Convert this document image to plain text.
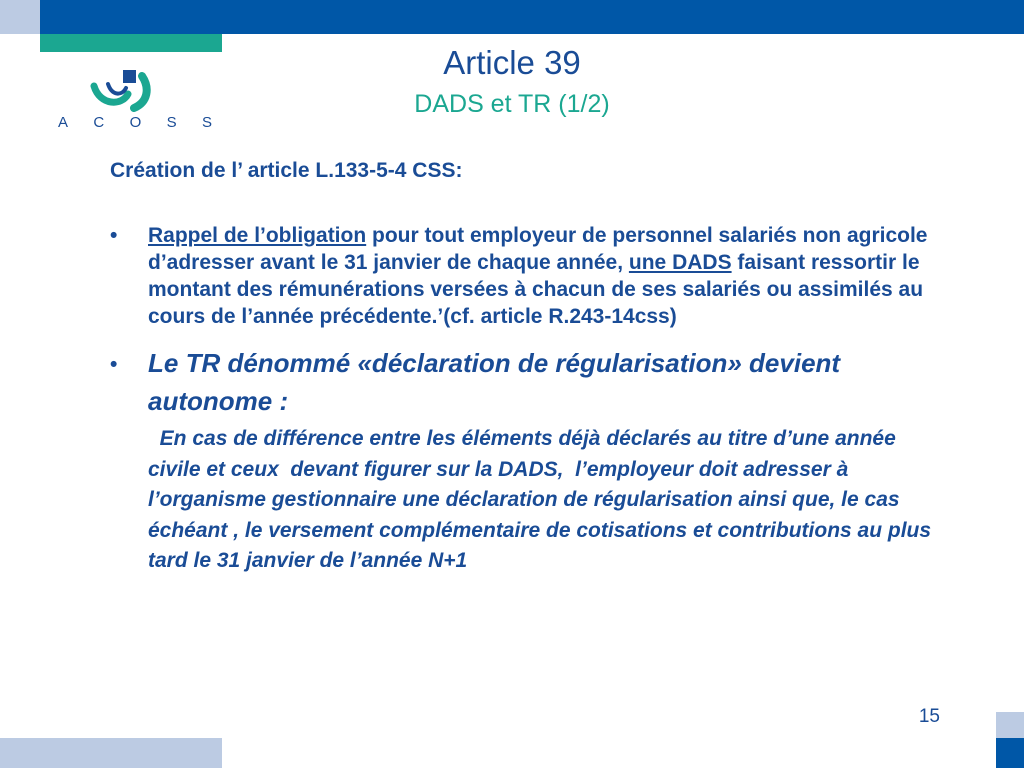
A C O S S
Article 39
DADS et TR (1/2)
Création de l’ article L.133-5-4 CSS:
• Rappel de l’obligation pour tout employeur de personnel salariés non agricole d’adresser avant le 31 janvier de chaque année, une DADS faisant ressortir le montant des rémunérations versées à chacun de ses salariés ou assimilés au cours de l’année précédente.’(cf. article R.243-14css)
• Le TR dénommé «déclaration de régularisation» devient autonome :
En cas de différence entre les éléments déjà déclarés au titre d’une année civile et ceux  devant figurer sur la DADS,  l’employeur doit adresser à l’organisme gestionnaire une déclaration de régularisation ainsi que, le cas échéant , le versement complémentaire de cotisations et contributions au plus tard le 31 janvier de l’année N+1
15
